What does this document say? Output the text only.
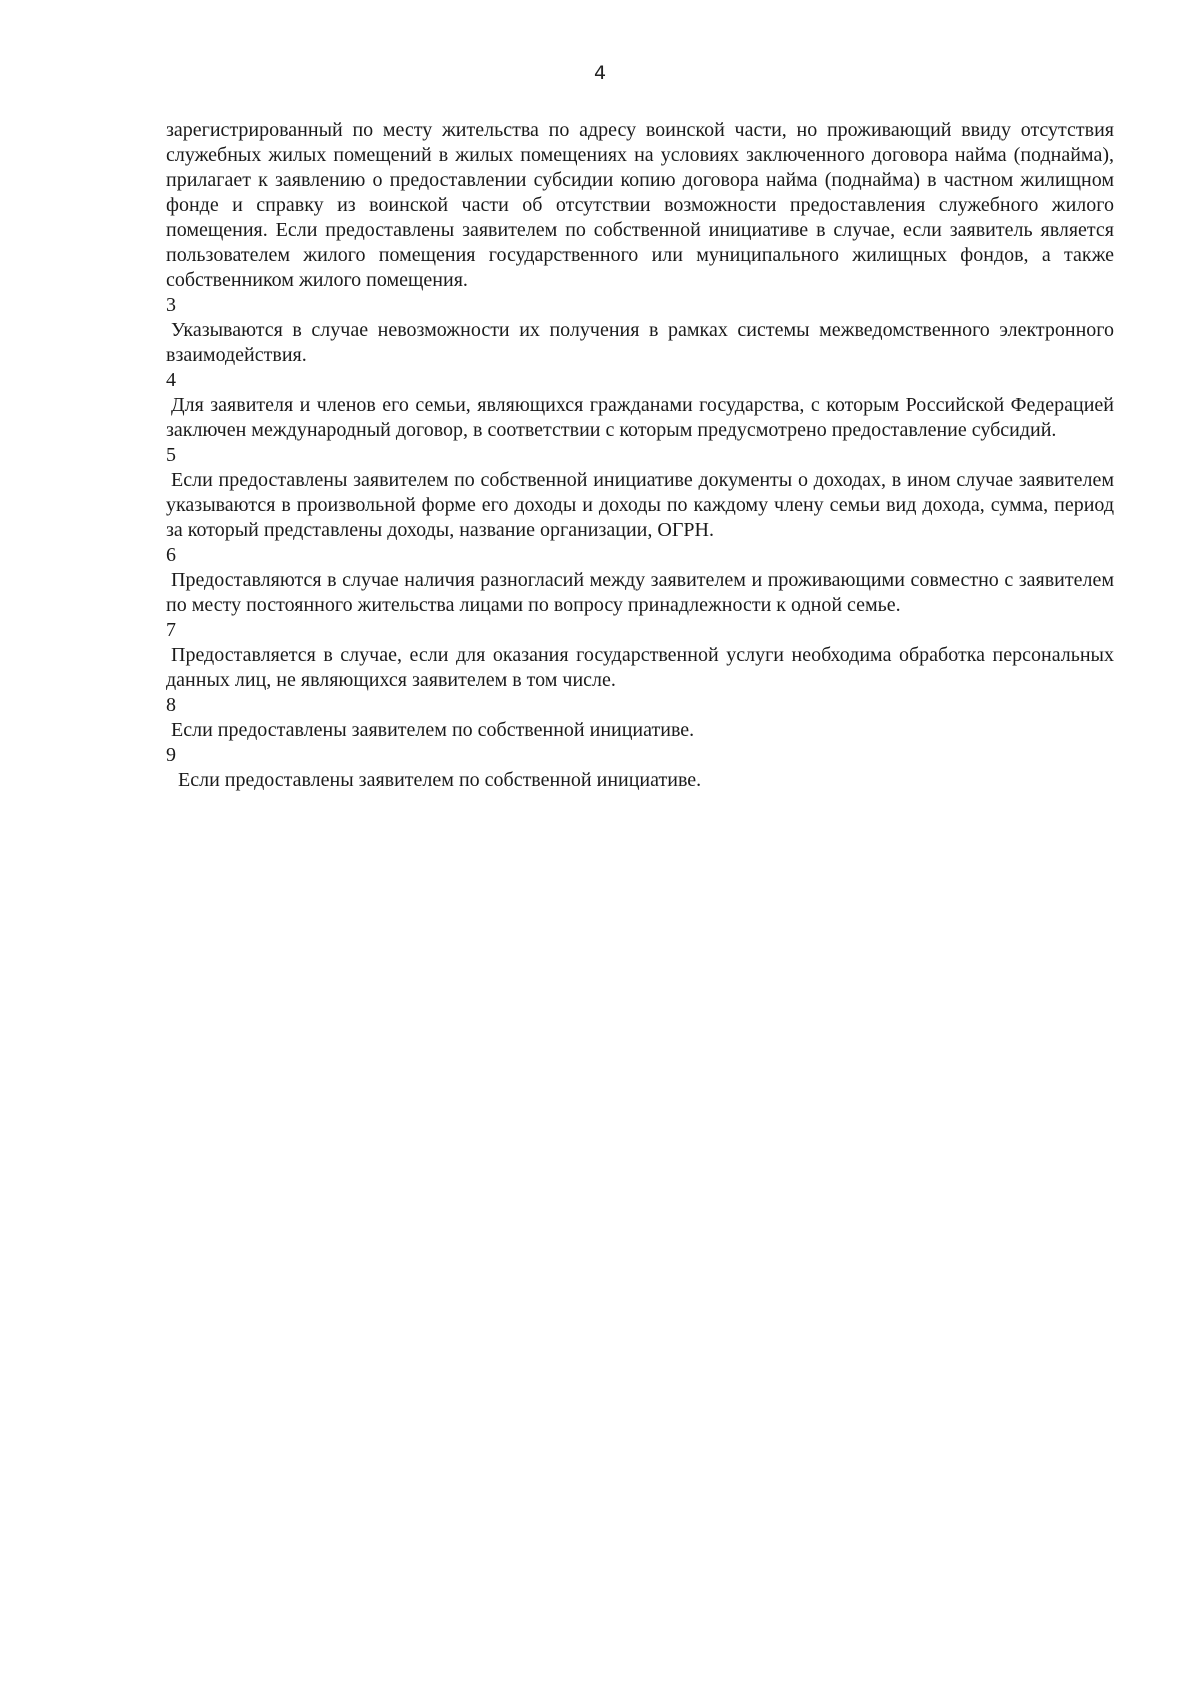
4

зарегистрированный по месту жительства по адресу воинской части, но проживающий ввиду отсутствия служебных жилых помещений в жилых помещениях на условиях заключенного договора найма (поднайма), прилагает к заявлению о предоставлении субсидии копию договора найма (поднайма) в частном жилищном фонде и справку из воинской части об отсутствии возможности предоставления служебного жилого помещения. Если предоставлены заявителем по собственной инициативе в случае, если заявитель является пользователем жилого помещения государственного или муниципального жилищных фондов, а также собственником жилого помещения.

3

Указываются в случае невозможности их получения в рамках системы межведомственного электронного взаимодействия.

4

Для заявителя и членов его семьи, являющихся гражданами государства, с которым Российской Федерацией заключен международный договор, в соответствии с которым предусмотрено предоставление субсидий.

5

Если предоставлены заявителем по собственной инициативе документы о доходах, в ином случае заявителем указываются в произвольной форме его доходы и доходы по каждому члену семьи вид дохода, сумма, период за который представлены доходы, название организации, ОГРН.

6

Предоставляются в случае наличия разногласий между заявителем и проживающими совместно с заявителем по месту постоянного жительства лицами по вопросу принадлежности к одной семье.

7

Предоставляется в случае, если для оказания государственной услуги необходима обработка персональных данных лиц, не являющихся заявителем в том числе.

8

Если предоставлены заявителем по собственной инициативе.

9

Если предоставлены заявителем по собственной инициативе.
